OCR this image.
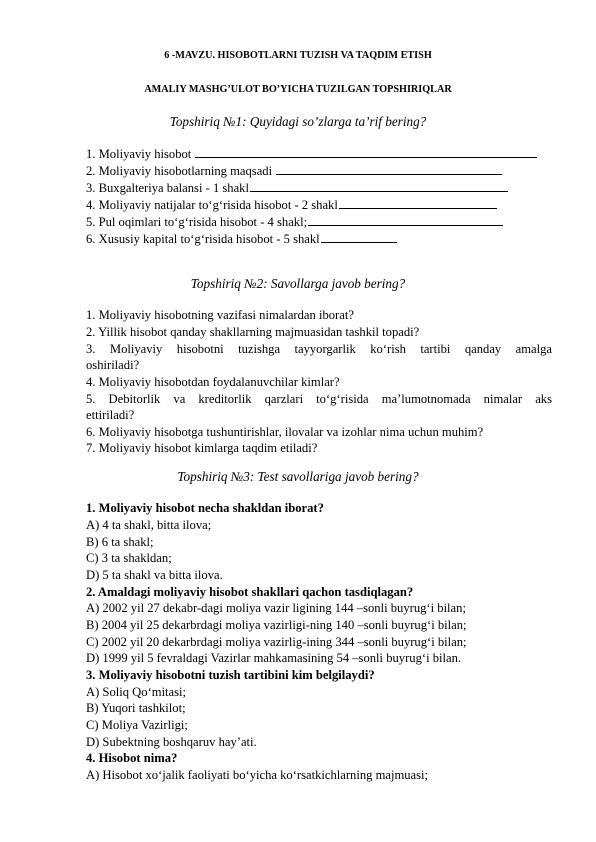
6 -MAVZU. HISOBOTLARNI TUZISH VA TAQDIM ETISH
AMALIY MASHG’ULOT BO’YICHA TUZILGAN TOPSHIRIQLAR
Topshiriq №1: Quyidagi so’zlarga ta’rif bering?
1. Moliyaviy hisobot
2. Moliyaviy hisobotlarning maqsadi
3. Buxgalteriya balansi - 1 shakl
4. Moliyaviy natijalar to‘g‘risida hisobot - 2 shakl
5. Pul oqimlari to‘g‘risida hisobot - 4 shakl;
6. Xususiy kapital to‘g‘risida hisobot - 5 shakl
Topshiriq №2: Savollarga javob bering?
1. Moliyaviy hisobotning vazifasi nimalardan iborat?
2. Yillik hisobot qanday shakllarning majmuasidan tashkil topadi?
3. Moliyaviy hisobotni tuzishga tayyorgarlik ko‘rish tartibi qanday amalga
oshiriladi?
4. Moliyaviy hisobotdan foydalanuvchilar kimlar?
5. Debitorlik va kreditorlik qarzlari to‘g‘risida ma’lumotnomada nimalar aks
ettiriladi?
6. Moliyaviy hisobotga tushuntirishlar, ilovalar va izohlar nima uchun muhim?
7. Moliyaviy hisobot kimlarga taqdim etiladi?
Topshiriq №3: Test savollariga javob bering?
1. Moliyaviy hisobot necha shakldan iborat?
A) 4 ta shakl, bitta ilova;
B) 6 ta shakl;
C) 3 ta shakldan;
D) 5 ta shakl va bitta ilova.
2. Amaldagi moliyaviy hisobot shakllari qachon tasdiqlagan?
A) 2002 yil 27 dekabr-dagi moliya vazir ligining 144 –sonli buyrug‘i bilan;
B) 2004 yil 25 dekarbrdagi moliya vazirligi-ning 140 –sonli buyrug‘i bilan;
C) 2002 yil 20 dekarbrdagi moliya vazirlig-ining 344 –sonli buyrug‘i bilan;
D) 1999 yil 5 fevraldagi Vazirlar mahkamasining 54 –sonli buyrug‘i bilan.
3. Moliyaviy hisobotni tuzish tartibini kim belgilaydi?
A) Soliq Qo‘mitasi;
B) Yuqori tashkilot;
C) Moliya Vazirligi;
D) Subektning boshqaruv hay’ati.
4. Hisobot nima?
A) Hisobot xo‘jalik faoliyati bo‘yicha ko‘rsatkichlarning majmuasi;
